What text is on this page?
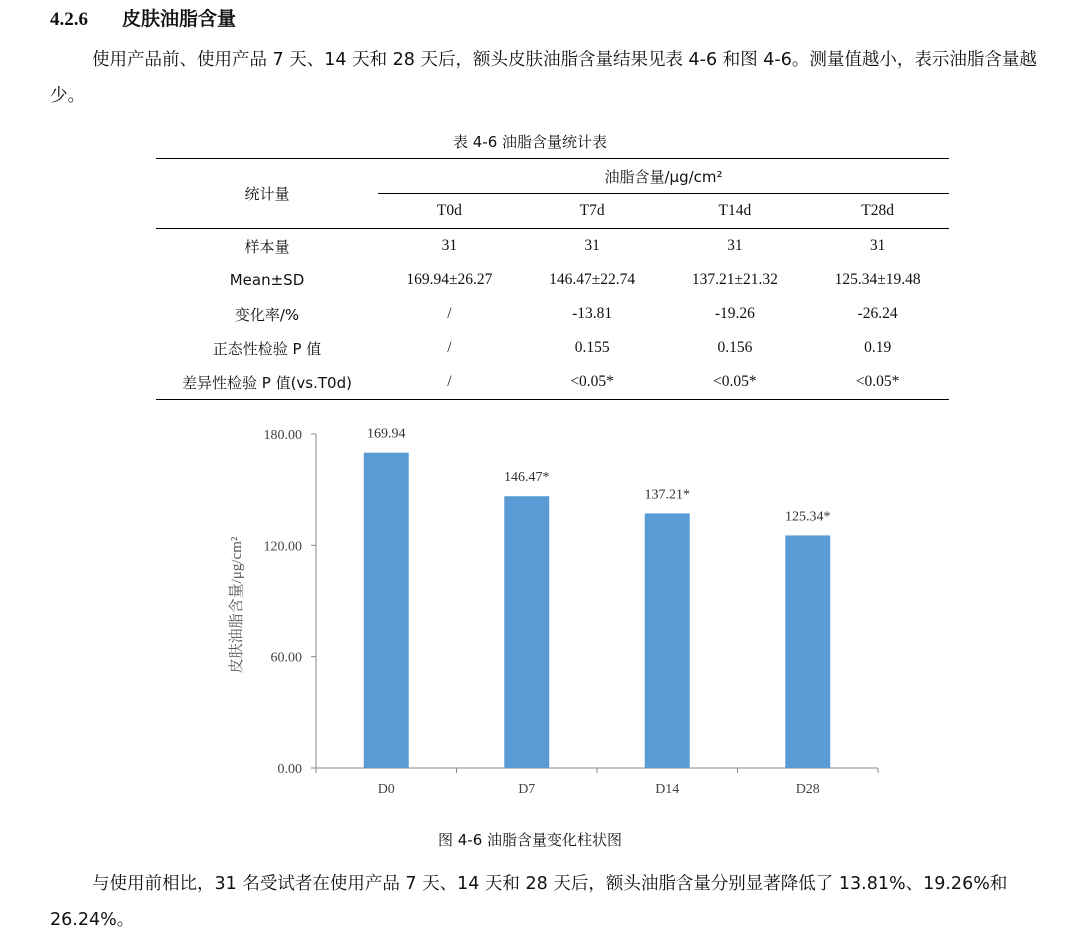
4.2.6 皮肤油脂含量

使用产品前、使用产品 7 天、14 天和 28 天后，额头皮肤油脂含量结果见表 4-6 和图 4-6。测量值越小，表示油脂含量越少。

表 4-6 油脂含量统计表
统计量	油脂含量/μg/cm²			
	T0d	T7d	T14d	T28d
样本量	31	31	31	31
Mean±SD	169.94±26.27	146.47±22.74	137.21±21.32	125.34±19.48
变化率/%	/	-13.81	-19.26	-26.24
正态性检验 P 值	/	0.155	0.156	0.19
差异性检验 P 值(vs.T0d)	/	<0.05*	<0.05*	<0.05*
0.00
60.00
120.00
180.00	169.94
D0
146.47*
D7
137.21*
D14
125.34*
D28
皮肤油脂含量/μg/cm²
图 4-6 油脂含量变化柱状图

与使用前相比，31 名受试者在使用产品 7 天、14 天和 28 天后，额头油脂含量分别显著降低了 13.81%、19.26%和 26.24%。
